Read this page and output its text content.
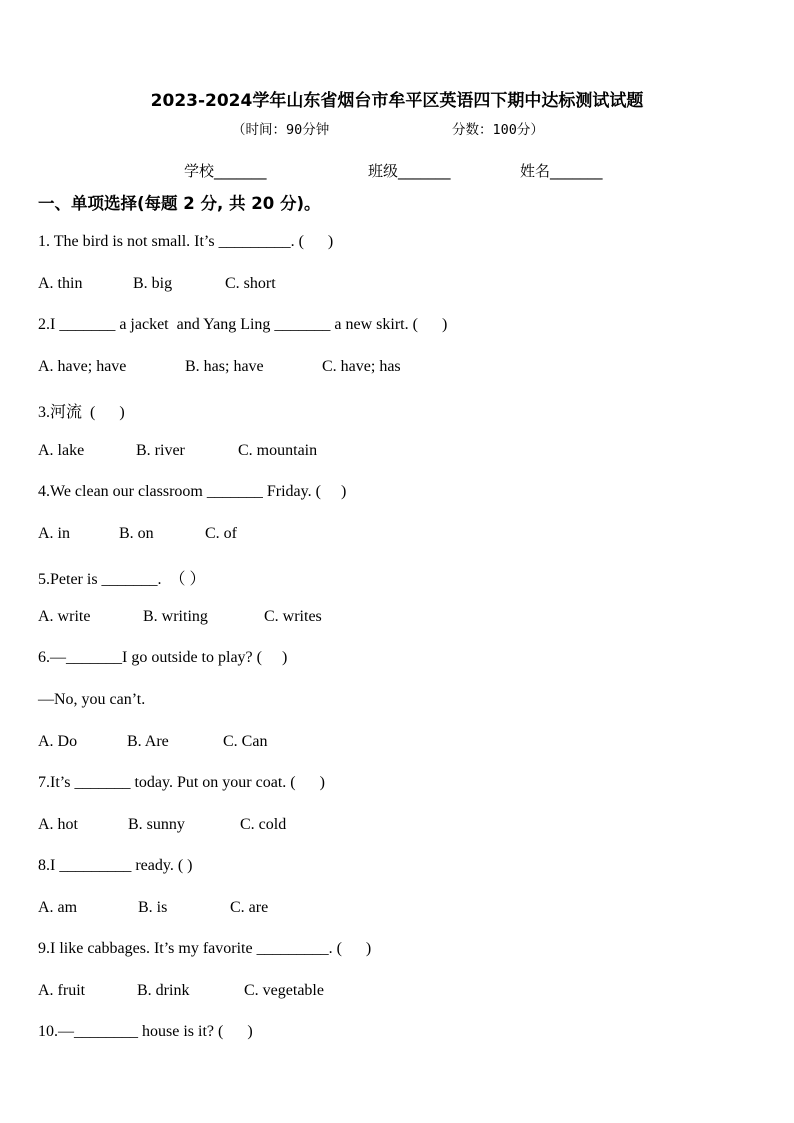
2023-2024学年山东省烟台市牟平区英语四下期中达标测试试题
（时间：90分钟	分数：100分）
学校_______	班级_______	姓名_______
一、单项选择(每题 2 分, 共 20 分)。
1. The bird is not small. It’s _________. (      )
A. thin	B. big	C. short
2.I _______ a jacket  and Yang Ling _______ a new skirt. (      )
A. have; have	B. has; have	C. have; has
3.河流  (      )
A. lake	B. river	C. mountain
4.We clean our classroom _______ Friday. (     )
A. in	B. on	C. of
5.Peter is _______.  （ ）
A. write	B. writing	C. writes
6.—_______I go outside to play? (     )
—No, you can’t.
A. Do	B. Are	C. Can
7.It’s _______ today. Put on your coat. (      )
A. hot	B. sunny	C. cold
8.I _________ ready. ( )
A. am	B. is	C. are
9.I like cabbages. It’s my favorite _________. (      )
A. fruit	B. drink	C. vegetable
10.—________ house is it? (      )
